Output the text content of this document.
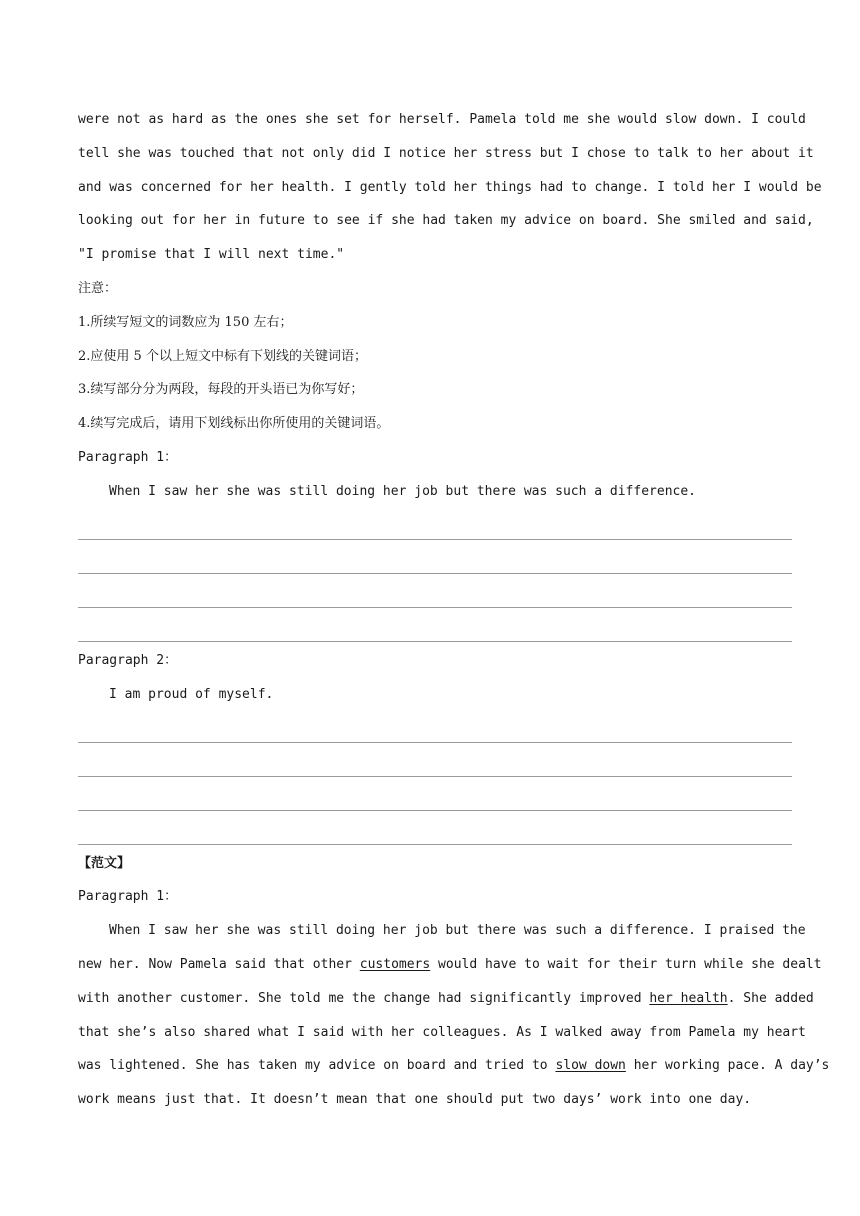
were not as hard as the ones she set for herself. Pamela told me she would slow down. I could
tell she was touched that not only did I notice her stress but I chose to talk to her about it
and was concerned for her health. I gently told her things had to change. I told her I would be
looking out for her in future to see if she had taken my advice on board. She smiled and said,
"I promise that I will next time."
注意：
1.所续写短文的词数应为 150 左右；
2.应使用 5 个以上短文中标有下划线的关键词语；
3.续写部分分为两段，每段的开头语已为你写好；
4.续写完成后，请用下划线标出你所使用的关键词语。
Paragraph 1：
When I saw her she was still doing her job but there was such a difference.
Paragraph 2：
I am proud of myself.
【范文】
Paragraph 1：
When I saw her she was still doing her job but there was such a difference. I praised the
new her. Now Pamela said that other customers would have to wait for their turn while she dealt
with another customer. She told me the change had significantly improved her health. She added
that she’s also shared what I said with her colleagues. As I walked away from Pamela my heart
was lightened. She has taken my advice on board and tried to slow down her working pace. A day’s
work means just that. It doesn’t mean that one should put two days’ work into one day.
